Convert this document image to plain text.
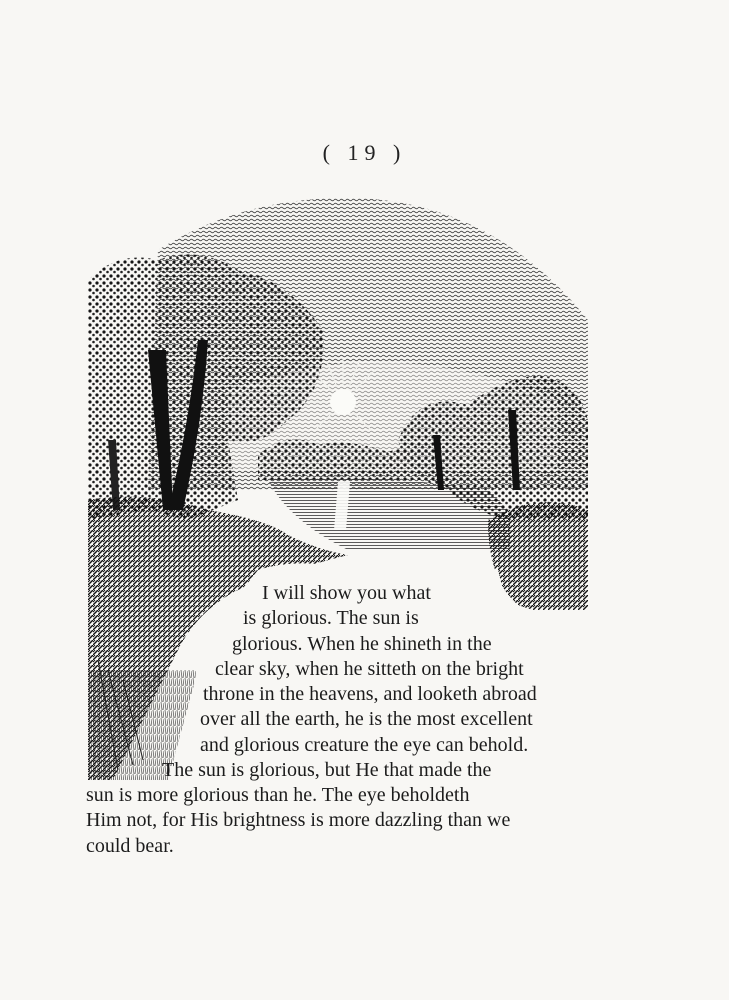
( 19 )
I will show you what
is glorious. The sun is
glorious. When he shineth in the
clear sky, when he sitteth on the bright
throne in the heavens, and looketh abroad
over all the earth, he is the most excellent
and glorious creature the eye can behold.
The sun is glorious, but He that made the
sun is more glorious than he. The eye beholdeth
Him not, for His brightness is more dazzling than we
could bear.
